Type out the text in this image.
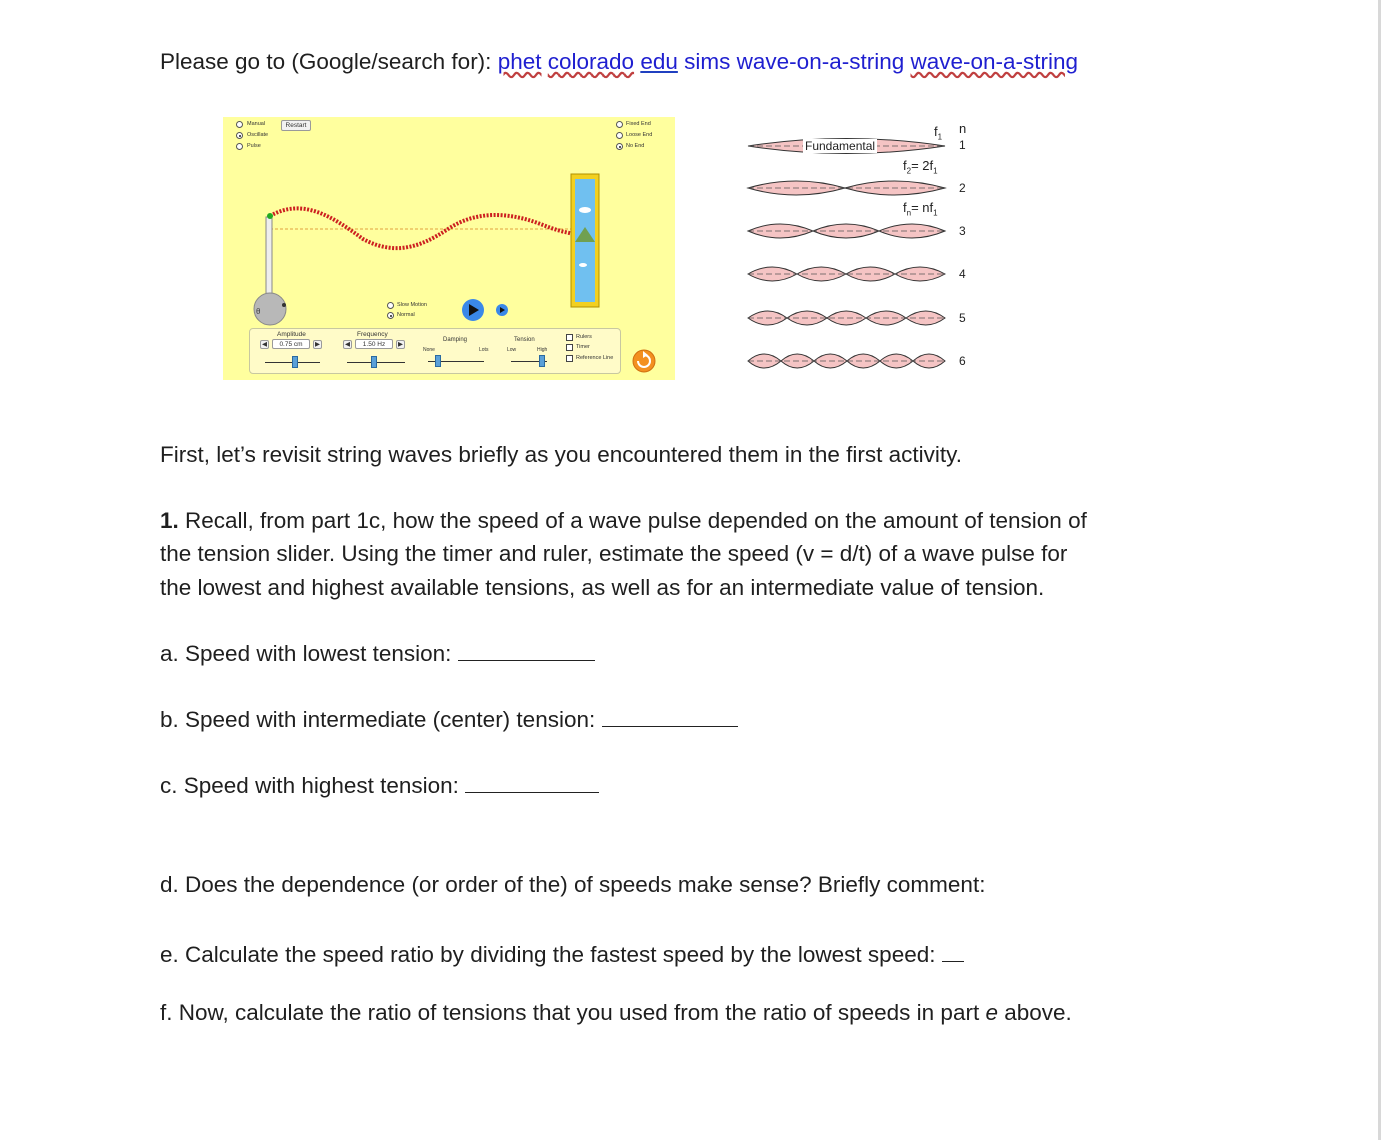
Please go to (Google/search for): phet colorado edu sims wave-on-a-string wave-on-a-string
Manual
Oscillate
Pulse
Restart	Fixed End
Loose End
No End
θ
Slow Motion
Normal
Amplitude
◀	0.75 cm	▶
Frequency
◀	1.50 Hz	▶
Damping
None	Lots
Tension
Low	High
Rulers
Timer
Reference Line
Fundamental
$f_1$
n
$f_2= 2f_1$
$f_n= nf_1$
1
2
3
4
5
6
First, let’s revisit string waves briefly as you encountered them in the first activity.
1. Recall, from part 1c, how the speed of a wave pulse depended on the amount of tension of
the tension slider. Using the timer and ruler, estimate the speed (v = d/t) of a wave pulse for
the lowest and highest available tensions, as well as for an intermediate value of tension.
a. Speed with lowest tension:
b. Speed with intermediate (center) tension:
c. Speed with highest tension:
d. Does the dependence (or order of the) of speeds make sense? Briefly comment:
e. Calculate the speed ratio by dividing the fastest speed by the lowest speed:
f. Now, calculate the ratio of tensions that you used from the ratio of speeds in part e above.
